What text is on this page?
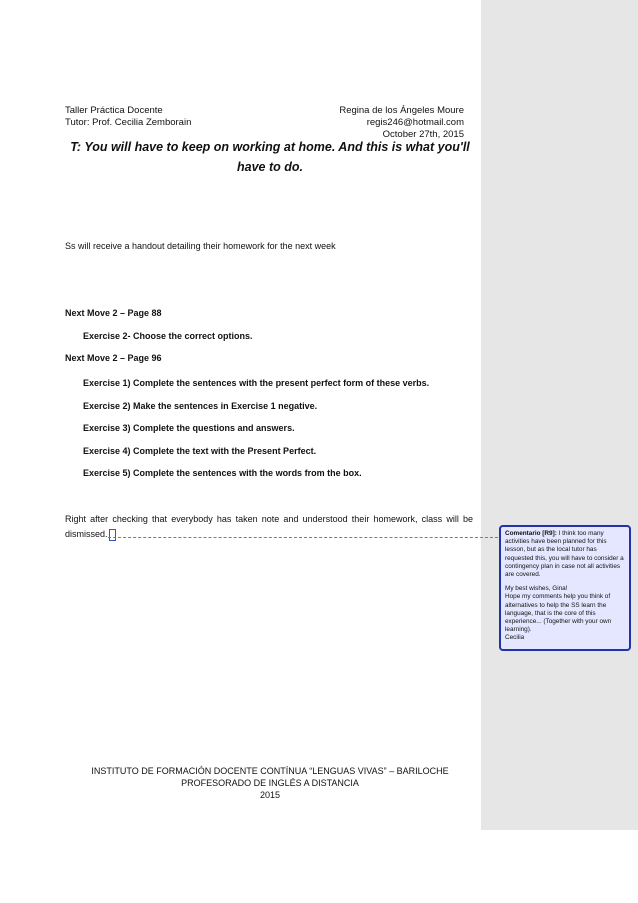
Taller Práctica Docente
Tutor: Prof. Cecilia Zemborain
Regina de los Ángeles Moure
regis246@hotmail.com
October 27th, 2015
T: You will have to keep on working at home. And this is what you'll have to do.
Ss will receive a handout detailing their homework for the next week
Next Move 2 – Page 88
Exercise 2- Choose the correct options.
Next Move 2 – Page 96
Exercise 1) Complete the sentences with the present perfect form of these verbs.
Exercise 2) Make the sentences in Exercise 1 negative.
Exercise 3) Complete the questions and answers.
Exercise 4) Complete the text with the Present Perfect.
Exercise 5) Complete the sentences with the words from the box.
Right after checking that everybody has taken note and understood their homework, class will be dismissed.
INSTITUTO DE FORMACIÓN DOCENTE CONTÍNUA “LENGUAS VIVAS” – BARILOCHE
PROFESORADO DE INGLÉS A DISTANCIA
2015

Comentario [R9]: I think too many activities have been planned for this lesson, but as the local tutor has requested this, you will have to consider a contingency plan in case not all activities are covered.

My best wishes, Gina!

Hope my comments help you think of alternatives to help the SS learn the language, that is the core of this experience... (Together with your own learning).

Cecilia
